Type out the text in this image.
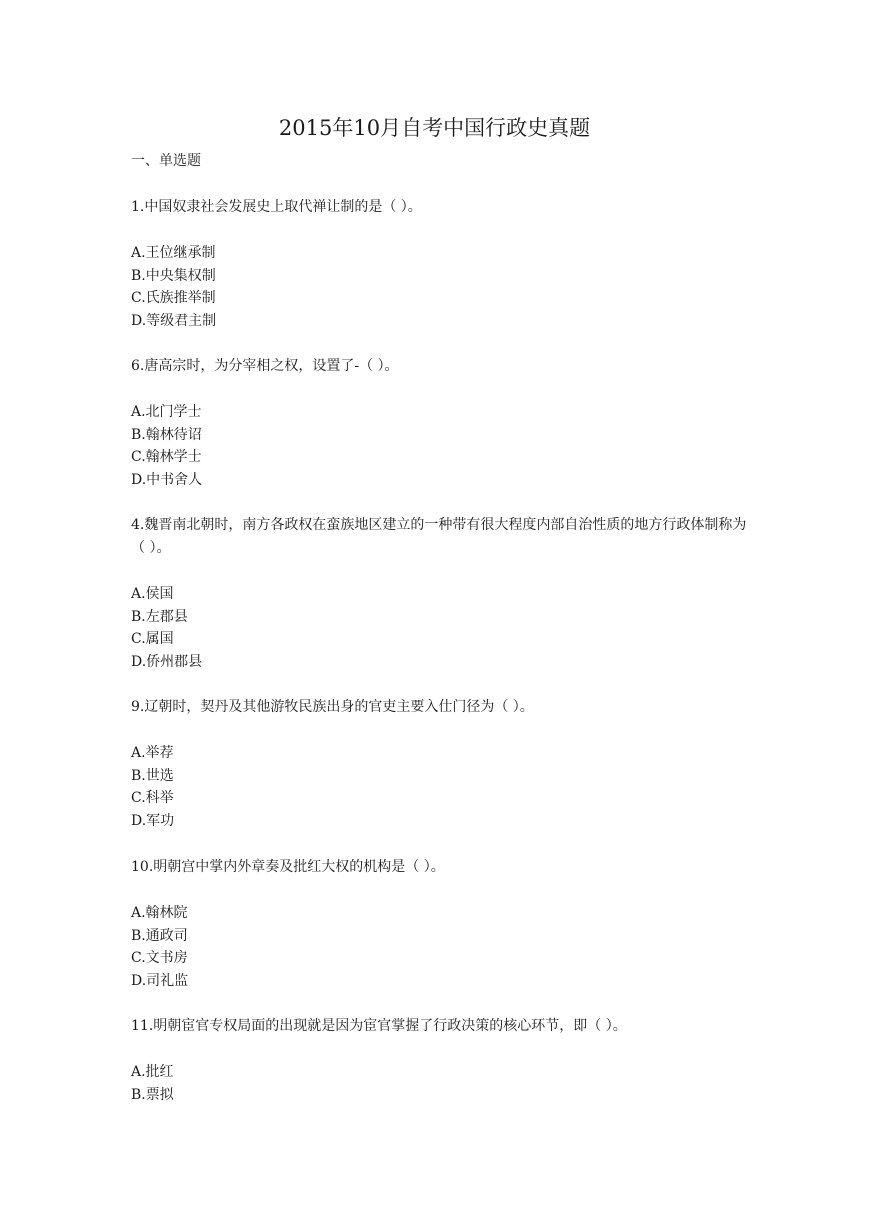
2015年10月自考中国行政史真题

一、单选题

1.中国奴隶社会发展史上取代禅让制的是（ ）。

A.王位继承制
B.中央集权制
C.氏族推举制
D.等级君主制

6.唐高宗时，为分宰相之权，设置了-（ ）。

A.北门学士
B.翰林待诏
C.翰林学士
D.中书舍人

4.魏晋南北朝时，南方各政权在蛮族地区建立的一种带有很大程度内部自治性质的地方行政体制称为（ ）。

A.侯国
B.左郡县
C.属国
D.侨州郡县

9.辽朝时，契丹及其他游牧民族出身的官吏主要入仕门径为（ ）。

A.举荐
B.世选
C.科举
D.军功

10.明朝宫中掌内外章奏及批红大权的机构是（ ）。

A.翰林院
B.通政司
C.文书房
D.司礼监

11.明朝宦官专权局面的出现就是因为宦官掌握了行政决策的核心环节，即（ ）。

A.批红
B.票拟
